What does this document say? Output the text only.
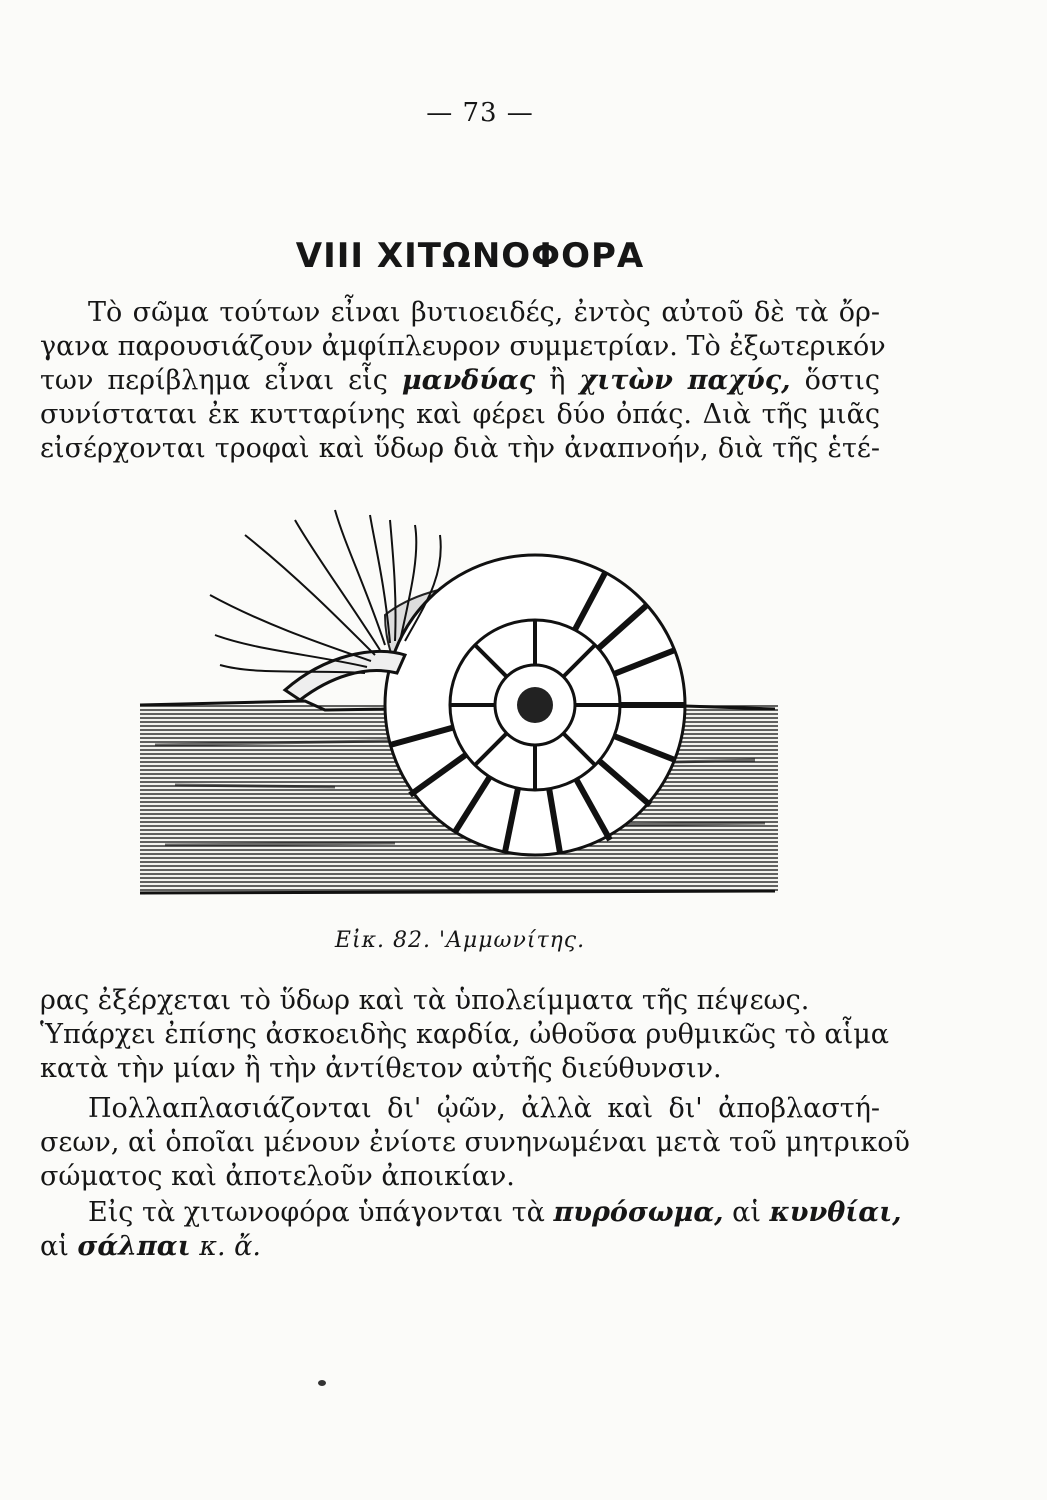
— 73 —
VIII ΧΙΤΩΝΟΦΟΡΑ
Τὸ σῶμα τούτων εἶναι βυτιοειδές, ἐντὸς αὐτοῦ δὲ τὰ ὄρ-
γανα παρουσιάζουν ἀμφίπλευρον συμμετρίαν. Τὸ ἐξωτερικόν
των περίβλημα εἶναι εἷς μανδύας ἢ χιτὼν παχύς, ὅστις
συνίσταται ἐκ κυτταρίνης καὶ φέρει δύο ὀπάς. Διὰ τῆς μιᾶς
εἰσέρχονται τροφαὶ καὶ ὕδωρ διὰ τὴν ἀναπνοήν, διὰ τῆς ἑτέ-
Εἰκ. 82. 'Αμμωνίτης.
ρας ἐξέρχεται τὸ ὕδωρ καὶ τὰ ὑπολείμματα τῆς πέψεως.
Ὑπάρχει ἐπίσης ἀσκοειδὴς καρδία, ὠθοῦσα ρυθμικῶς τὸ αἷμα
κατὰ τὴν μίαν ἢ τὴν ἀντίθετον αὐτῆς διεύθυνσιν.
Πολλαπλασιάζονται δι' ᾠῶν, ἀλλὰ καὶ δι' ἀποβλαστή-
σεων, αἱ ὁποῖαι μένουν ἐνίοτε συνηνωμέναι μετὰ τοῦ μητρικοῦ
σώματος καὶ ἀποτελοῦν ἀποικίαν.
Εἰς τὰ χιτωνοφόρα ὑπάγονται τὰ πυρόσωμα, αἱ κυνθίαι,
αἱ σάλπαι κ. ἄ.
